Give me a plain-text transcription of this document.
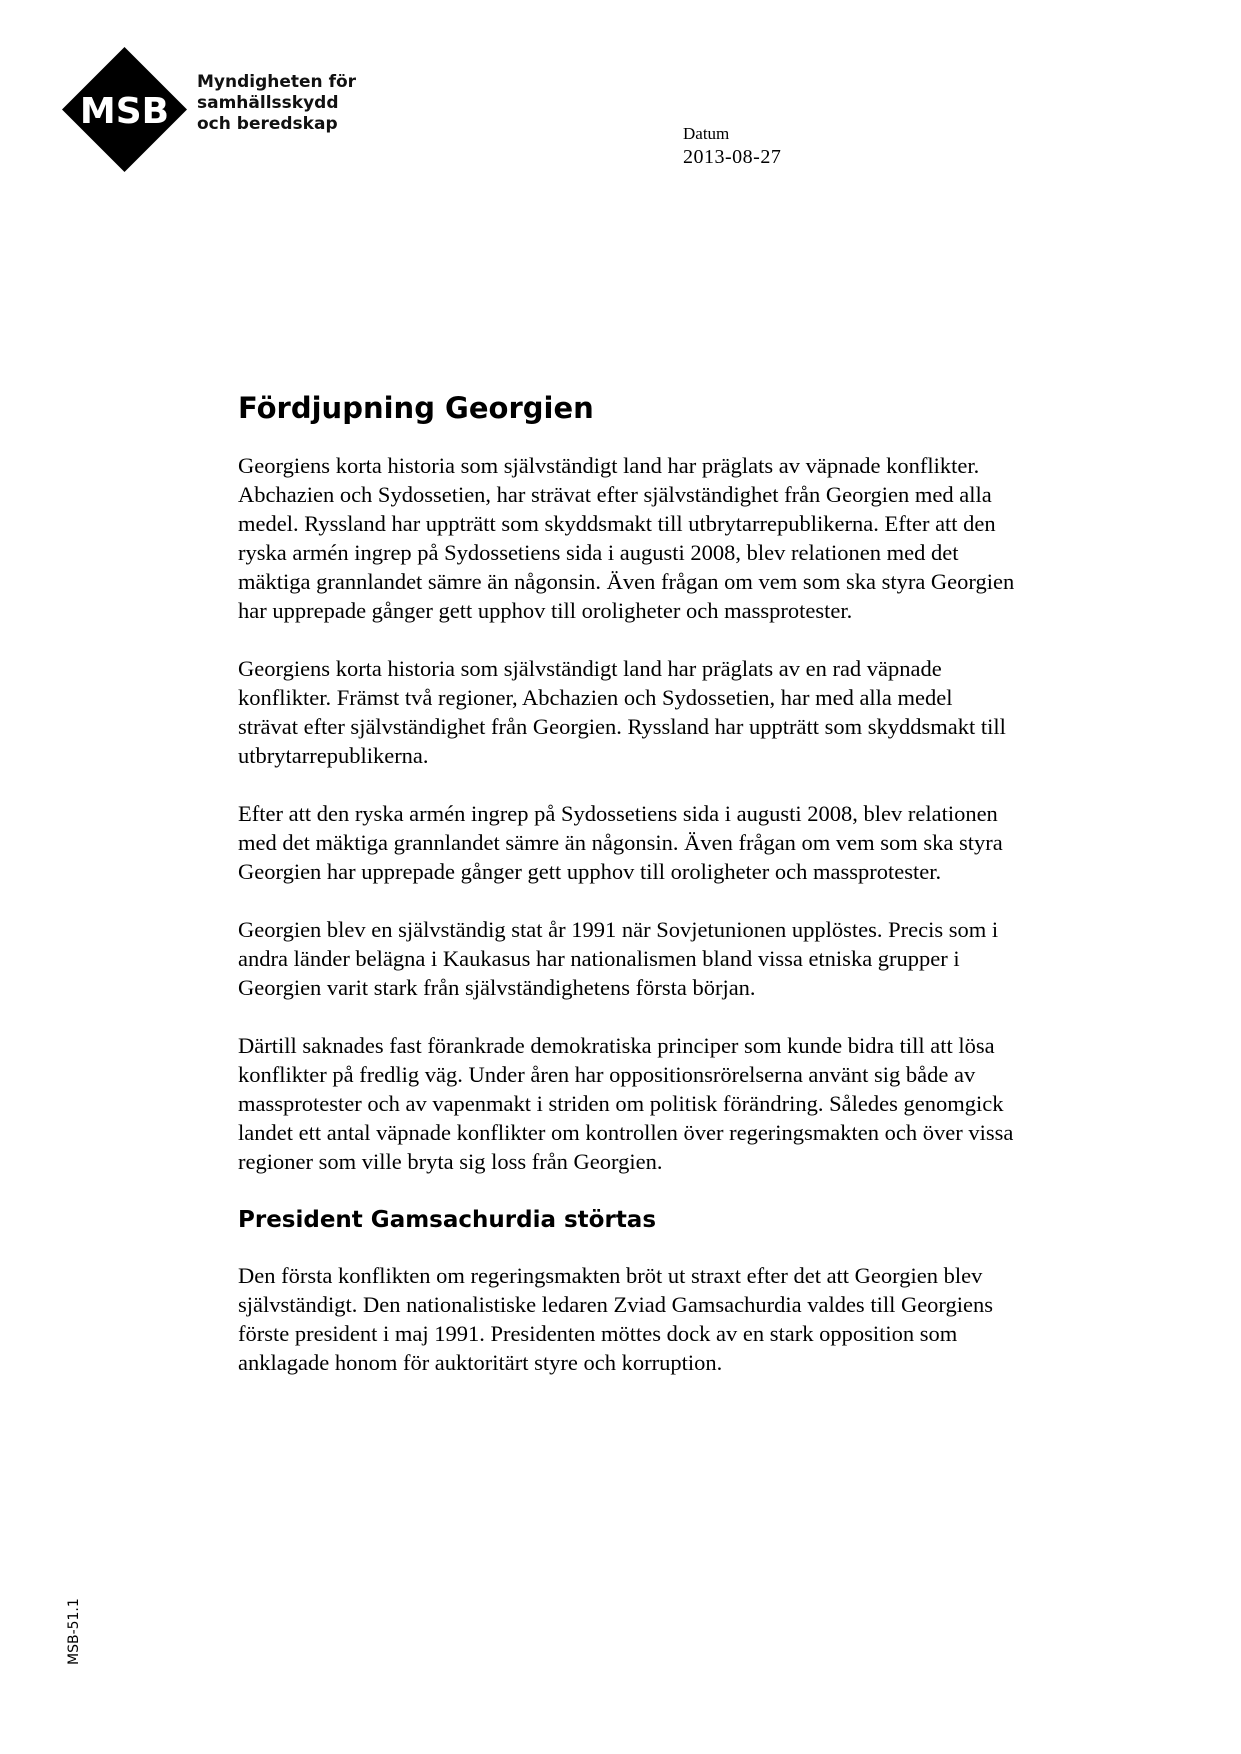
MSB
Myndigheten för
samhällsskydd
och beredskap	Datum
2013-08-27
Fördjupning Georgien

Georgiens korta historia som självständigt land har präglats av väpnade konflikter. Abchazien och Sydossetien, har strävat efter självständighet från Georgien med alla medel. Ryssland har uppträtt som skyddsmakt till utbrytarrepublikerna. Efter att den ryska armén ingrep på Sydossetiens sida i augusti 2008, blev relationen med det mäktiga grannlandet sämre än någonsin. Även frågan om vem som ska styra Georgien har upprepade gånger gett upphov till oroligheter och massprotester.

Georgiens korta historia som självständigt land har präglats av en rad väpnade konflikter. Främst två regioner, Abchazien och Sydossetien, har med alla medel strävat efter självständighet från Georgien. Ryssland har uppträtt som skyddsmakt till utbrytarrepublikerna.

Efter att den ryska armén ingrep på Sydossetiens sida i augusti 2008, blev relationen med det mäktiga grannlandet sämre än någonsin. Även frågan om vem som ska styra Georgien har upprepade gånger gett upphov till oroligheter och massprotester.

Georgien blev en självständig stat år 1991 när Sovjetunionen upplöstes. Precis som i andra länder belägna i Kaukasus har nationalismen bland vissa etniska grupper i Georgien varit stark från självständighetens första början.

Därtill saknades fast förankrade demokratiska principer som kunde bidra till att lösa konflikter på fredlig väg. Under åren har oppositionsrörelserna använt sig både av massprotester och av vapenmakt i striden om politisk förändring. Således genomgick landet ett antal väpnade konflikter om kontrollen över regeringsmakten och över vissa regioner som ville bryta sig loss från Georgien.

President Gamsachurdia störtas

Den första konflikten om regeringsmakten bröt ut straxt efter det att Georgien blev självständigt. Den nationalistiske ledaren Zviad Gamsachurdia valdes till Georgiens förste president i maj 1991. Presidenten möttes dock av en stark opposition som anklagade honom för auktoritärt styre och korruption.

MSB-51.1
